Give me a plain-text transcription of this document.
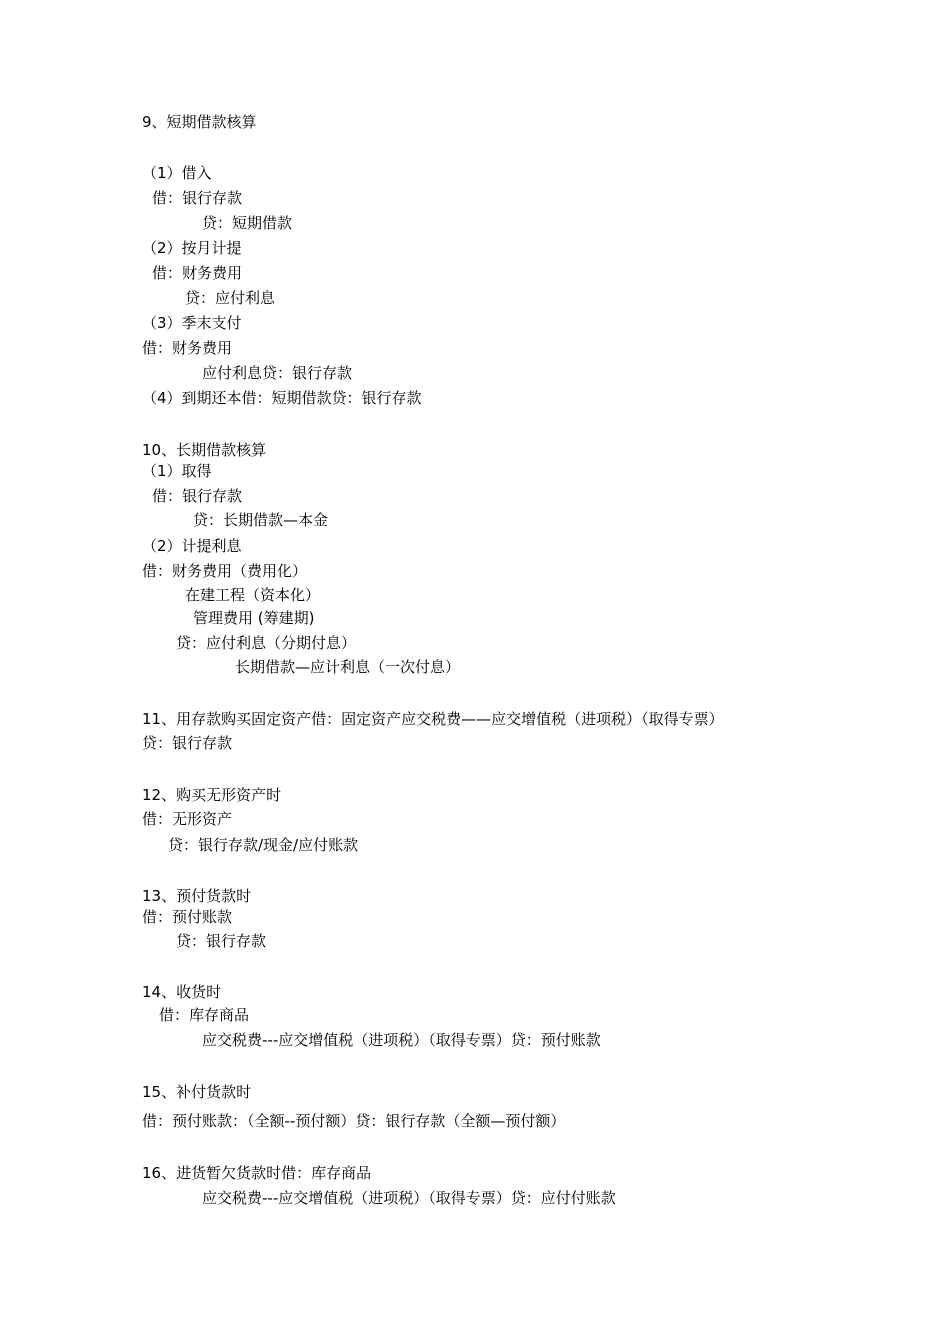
9、短期借款核算
（1）借入
借：银行存款
贷：短期借款
（2）按月计提
借：财务费用
贷：应付利息
（3）季末支付
借：财务费用
应付利息贷：银行存款
（4）到期还本借：短期借款贷：银行存款
10、长期借款核算
（1）取得
借：银行存款
贷：长期借款—本金
（2）计提利息
借：财务费用（费用化）
在建工程（资本化）
管理费用 (筹建期)
贷：应付利息（分期付息）
长期借款—应计利息（一次付息）
11、用存款购买固定资产借：固定资产应交税费——应交增值税（进项税）（取得专票）
贷：银行存款
12、购买无形资产时
借：无形资产
贷：银行存款/现金/应付账款
13、预付货款时
借：预付账款
贷：银行存款
14、收货时
借：库存商品
应交税费---应交增值税（进项税）（取得专票）贷：预付账款
15、补付货款时
借：预付账款：（全额--预付额）贷：银行存款（全额—预付额）
16、进货暂欠货款时借：库存商品
应交税费---应交增值税（进项税）（取得专票）贷：应付付账款
